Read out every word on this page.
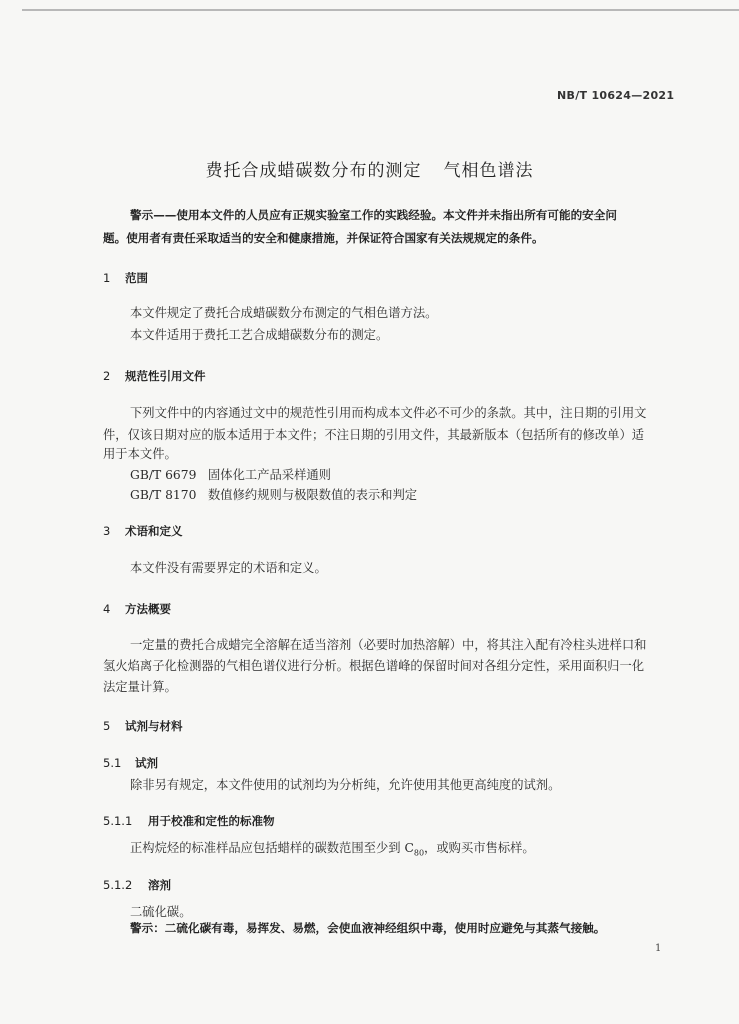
NB/T 10624—2021
费托合成蜡碳数分布的测定 气相色谱法
警示——使用本文件的人员应有正规实验室工作的实践经验。本文件并未指出所有可能的安全问
题。使用者有责任采取适当的安全和健康措施，并保证符合国家有关法规规定的条件。
1 范围
本文件规定了费托合成蜡碳数分布测定的气相色谱方法。
本文件适用于费托工艺合成蜡碳数分布的测定。
2 规范性引用文件
下列文件中的内容通过文中的规范性引用而构成本文件必不可少的条款。其中，注日期的引用文
件，仅该日期对应的版本适用于本文件；不注日期的引用文件，其最新版本（包括所有的修改单）适
用于本文件。
GB/T 6679 固体化工产品采样通则
GB/T 8170 数值修约规则与极限数值的表示和判定
3 术语和定义
本文件没有需要界定的术语和定义。
4 方法概要
一定量的费托合成蜡完全溶解在适当溶剂（必要时加热溶解）中，将其注入配有冷柱头进样口和
氢火焰离子化检测器的气相色谱仪进行分析。根据色谱峰的保留时间对各组分定性，采用面积归一化
法定量计算。
5 试剂与材料
5.1 试剂
除非另有规定，本文件使用的试剂均为分析纯，允许使用其他更高纯度的试剂。
5.1.1 用于校准和定性的标准物
正构烷烃的标准样品应包括蜡样的碳数范围至少到 $C_{80}$，或购买市售标样。
5.1.2 溶剂
二硫化碳。
警示：二硫化碳有毒，易挥发、易燃，会使血液神经组织中毒，使用时应避免与其蒸气接触。
1
